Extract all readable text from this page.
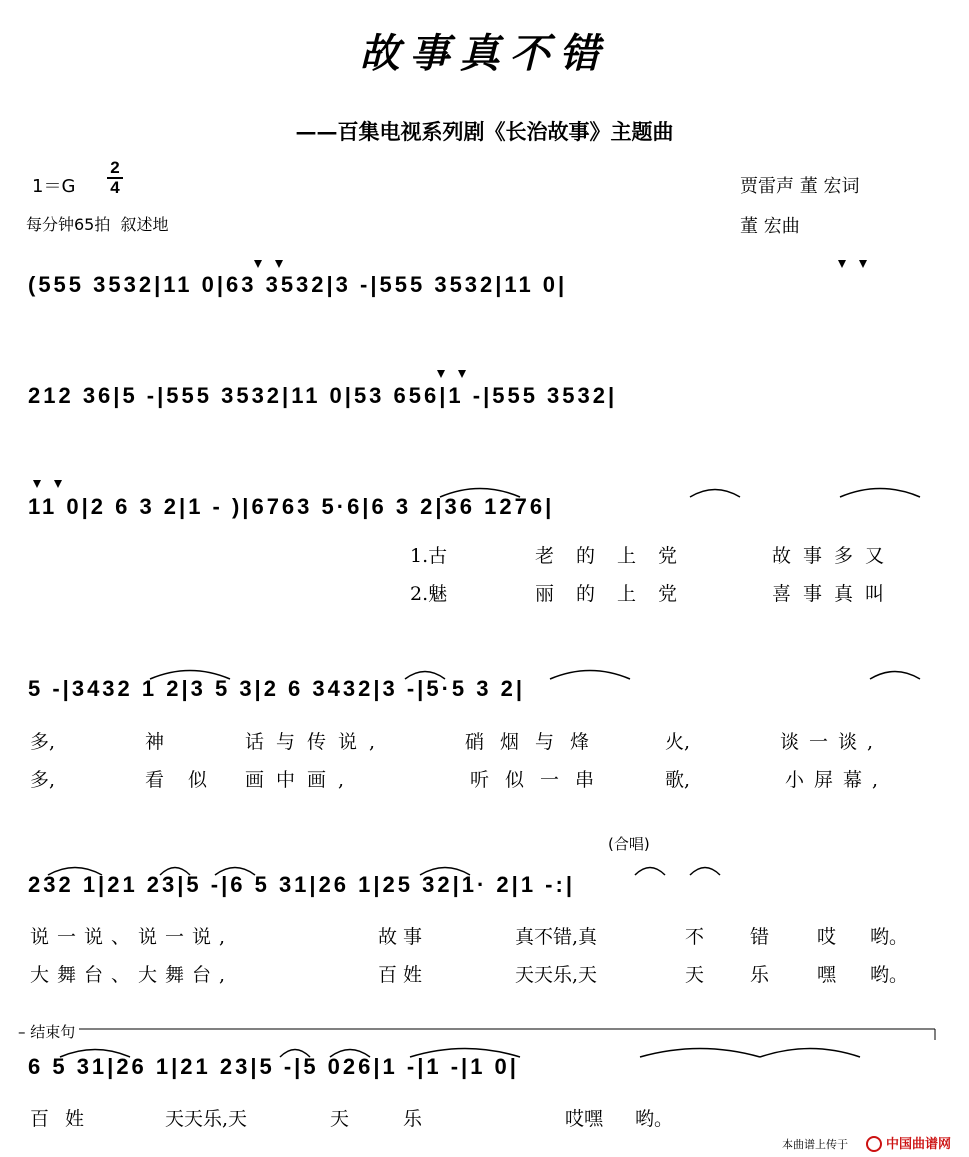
故事真不错
——百集电视系列剧《长治故事》主题曲
1＝G
2
4
每分钟65拍 叙述地
贾雷声 董 宏词
董 宏曲
(555 3532|11 0|63 3532|3 -|555 3532|11 0|
212 36|5 -|555 3532|11 0|53 656|1 -|555 3532|
11 0|2 6 3 2|1 - )|6763 5·6|6 3 2|36 1276|
5 -|3432 1 2|3 5 3|2 6 3432|3 -|5·5 3 2|
232 1|21 23|5 -|6 5 31|26 1|25 32|1· 2|1 -:|
6 5 31|26 1|21 23|5 -|5 026|1 -|1 -|1 0|
1.古	老的上党	故事多又
2.魅	丽的上党	喜事真叫
多,	神	话与传说,	硝烟与烽	火,	谈一谈,
多,	看似 画中画,	听似一串	歌,	小屏幕,
(合唱)
说一说、说一说,	故事	真不错,真	不 错	哎 哟。
大舞台、大舞台,	百姓	天天乐,天	天 乐	嘿 哟。
– 结束句
百姓	天天乐,天	天	乐	哎嘿 哟。
本曲谱上传于	中国曲谱网
